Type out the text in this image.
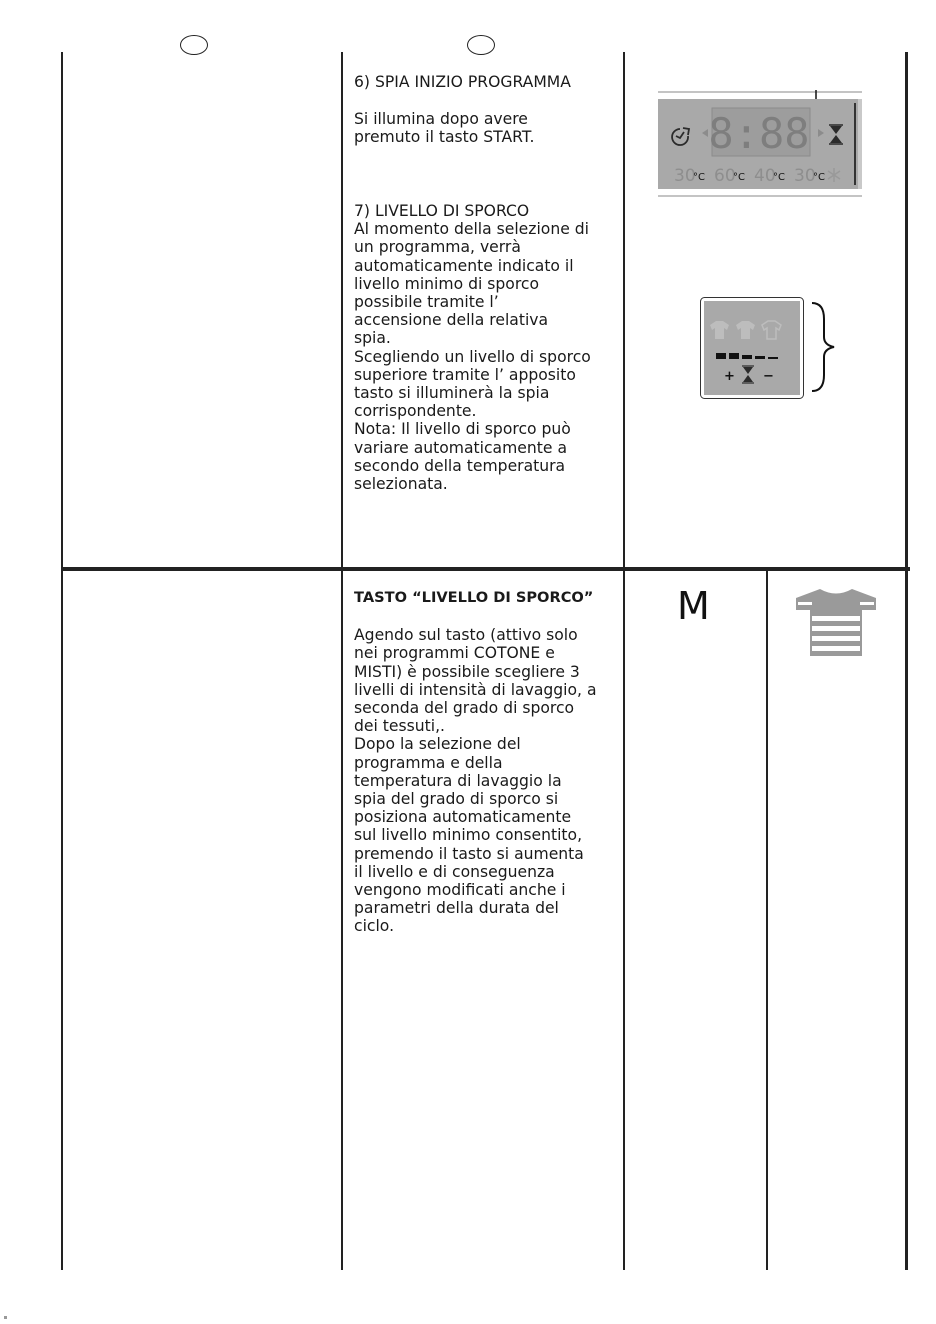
6) SPIA INIZIO PROGRAMMA

Si illumina dopo avere
premuto il tasto START.

7) LIVELLO DI SPORCO

Al momento della selezione di
un programma, verrà
automaticamente indicato il
livello minimo di sporco
possibile tramite l’
accensione della relativa
spia.
Scegliendo un livello di sporco
superiore tramite l’ apposito
tasto si illuminerà la spia
corrispondente.
Nota: Il livello di sporco può
variare automaticamente a
secondo della temperatura
selezionata.

TASTO “LIVELLO DI SPORCO”

Agendo sul tasto (attivo solo
nei programmi COTONE e
MISTI) è possibile scegliere 3
livelli di intensità di lavaggio, a
seconda del grado di sporco
dei tessuti,.
Dopo la selezione del
programma e della
temperatura di lavaggio la
spia del grado di sporco si
posiziona automaticamente
sul livello minimo consentito,
premendo il tasto si aumenta
il livello e di conseguenza
vengono modificati anche i
parametri della durata del
ciclo.

8:88
30 60 40 30
°C	°C	°C	°C
+ −
M
